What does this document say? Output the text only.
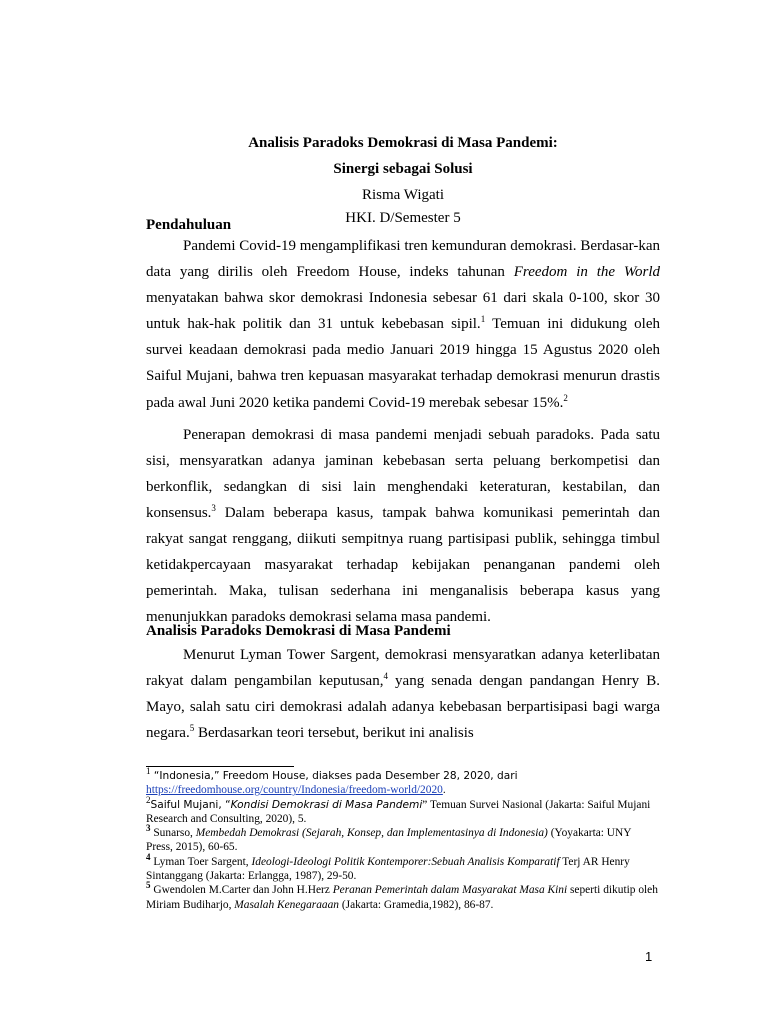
Analisis Paradoks Demokrasi di Masa Pandemi:
Sinergi sebagai Solusi
Risma Wigati
HKI. D/Semester 5
Pendahuluan

Pandemi Covid-19 mengamplifikasi tren kemunduran demokrasi. Berdasar-kan data yang dirilis oleh Freedom House, indeks tahunan Freedom in the World menyatakan bahwa skor demokrasi Indonesia sebesar 61 dari skala 0-100, skor 30 untuk hak-hak politik dan 31 untuk kebebasan sipil.$^1$ Temuan ini didukung oleh survei keadaan demokrasi pada medio Januari 2019 hingga 15 Agustus 2020 oleh Saiful Mujani, bahwa tren kepuasan masyarakat terhadap demokrasi menurun drastis pada awal Juni 2020 ketika pandemi Covid-19 merebak sebesar 15%.$^2$

Penerapan demokrasi di masa pandemi menjadi sebuah paradoks. Pada satu sisi, mensyaratkan adanya jaminan kebebasan serta peluang berkompetisi dan berkonflik, sedangkan di sisi lain menghendaki keteraturan, kestabilan, dan konsensus.$^3$ Dalam beberapa kasus, tampak bahwa komunikasi pemerintah dan rakyat sangat renggang, diikuti sempitnya ruang partisipasi publik, sehingga timbul ketidakpercayaan masyarakat terhadap kebijakan penanganan pandemi oleh pemerintah. Maka, tulisan sederhana ini menganalisis beberapa kasus yang menunjukkan paradoks demokrasi selama masa pandemi.

Analisis Paradoks Demokrasi di Masa Pandemi

Menurut Lyman Tower Sargent, demokrasi mensyaratkan adanya keterlibatan rakyat dalam pengambilan keputusan,$^4$ yang senada dengan pandangan Henry B. Mayo, salah satu ciri demokrasi adalah adanya kebebasan berpartisipasi bagi warga negara.$^5$ Berdasarkan teori tersebut, berikut ini analisis

$^1$ “Indonesia,” Freedom House, diakses pada Desember 28, 2020, dari
https://freedomhouse.org/country/Indonesia/freedom-world/2020.
$^2$Saiful Mujani, “Kondisi Demokrasi di Masa Pandemi” Temuan Survei Nasional (Jakarta: Saiful Mujani Research and Consulting, 2020), 5.
$^3$ Sunarso, Membedah Demokrasi (Sejarah, Konsep, dan Implementasinya di Indonesia) (Yoyakarta: UNY Press, 2015), 60-65.
$^4$ Lyman Toer Sargent, Ideologi-Ideologi Politik Kontemporer:Sebuah Analisis Komparatif Terj AR Henry Sintanggang (Jakarta: Erlangga, 1987), 29-50.
$^5$ Gwendolen M.Carter dan John H.Herz Peranan Pemerintah dalam Masyarakat Masa Kini seperti dikutip oleh Miriam Budiharjo, Masalah Kenegaraaan (Jakarta: Gramedia,1982), 86-87.
1
